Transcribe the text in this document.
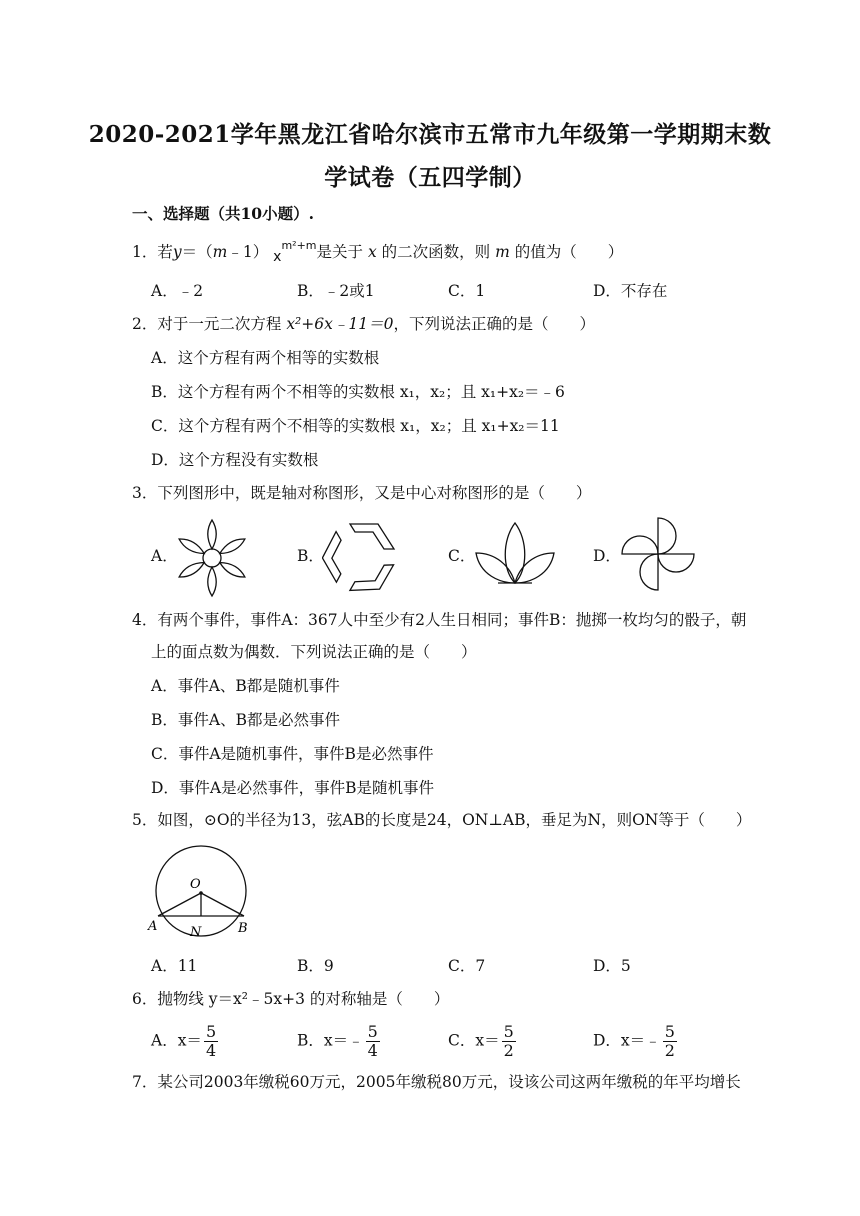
2020-2021学年黑龙江省哈尔滨市五常市九年级第一学期期末数
学试卷（五四学制）
一、选择题（共10小题）.
1．若y＝（m﹣1） $x^{m^2+m}$是关于 x 的二次函数，则 m 的值为（　　）
A．﹣2	B．﹣2或1	C．1	D．不存在
2．对于一元二次方程 x²+6x﹣11＝0，下列说法正确的是（　　）
A．这个方程有两个相等的实数根
B．这个方程有两个不相等的实数根 x₁，x₂；且 x₁+x₂＝﹣6
C．这个方程有两个不相等的实数根 x₁，x₂；且 x₁+x₂＝11
D．这个方程没有实数根
3．下列图形中，既是轴对称图形，又是中心对称图形的是（　　）
A．	B．	C．	D．
4．有两个事件，事件A：367人中至少有2人生日相同；事件B：抛掷一枚均匀的骰子，朝
上的面点数为偶数．下列说法正确的是（　　）
A．事件A、B都是随机事件
B．事件A、B都是必然事件
C．事件A是随机事件，事件B是必然事件
D．事件A是必然事件，事件B是随机事件
5．如图，⊙O的半径为13，弦AB的长度是24，ON⊥AB，垂足为N，则ON等于（　　）
O
A	N	B
A．11	B．9	C．7	D．5
6．抛物线 y＝x²﹣5x+3 的对称轴是（　　）
A．$x= \frac{5}{4}$	B．x＝﹣ $\frac{5}{4}$	C．$x= \frac{5}{2}$	D．x＝﹣ $\frac{5}{2}$
7．某公司2003年缴税60万元，2005年缴税80万元，设该公司这两年缴税的年平均增长
